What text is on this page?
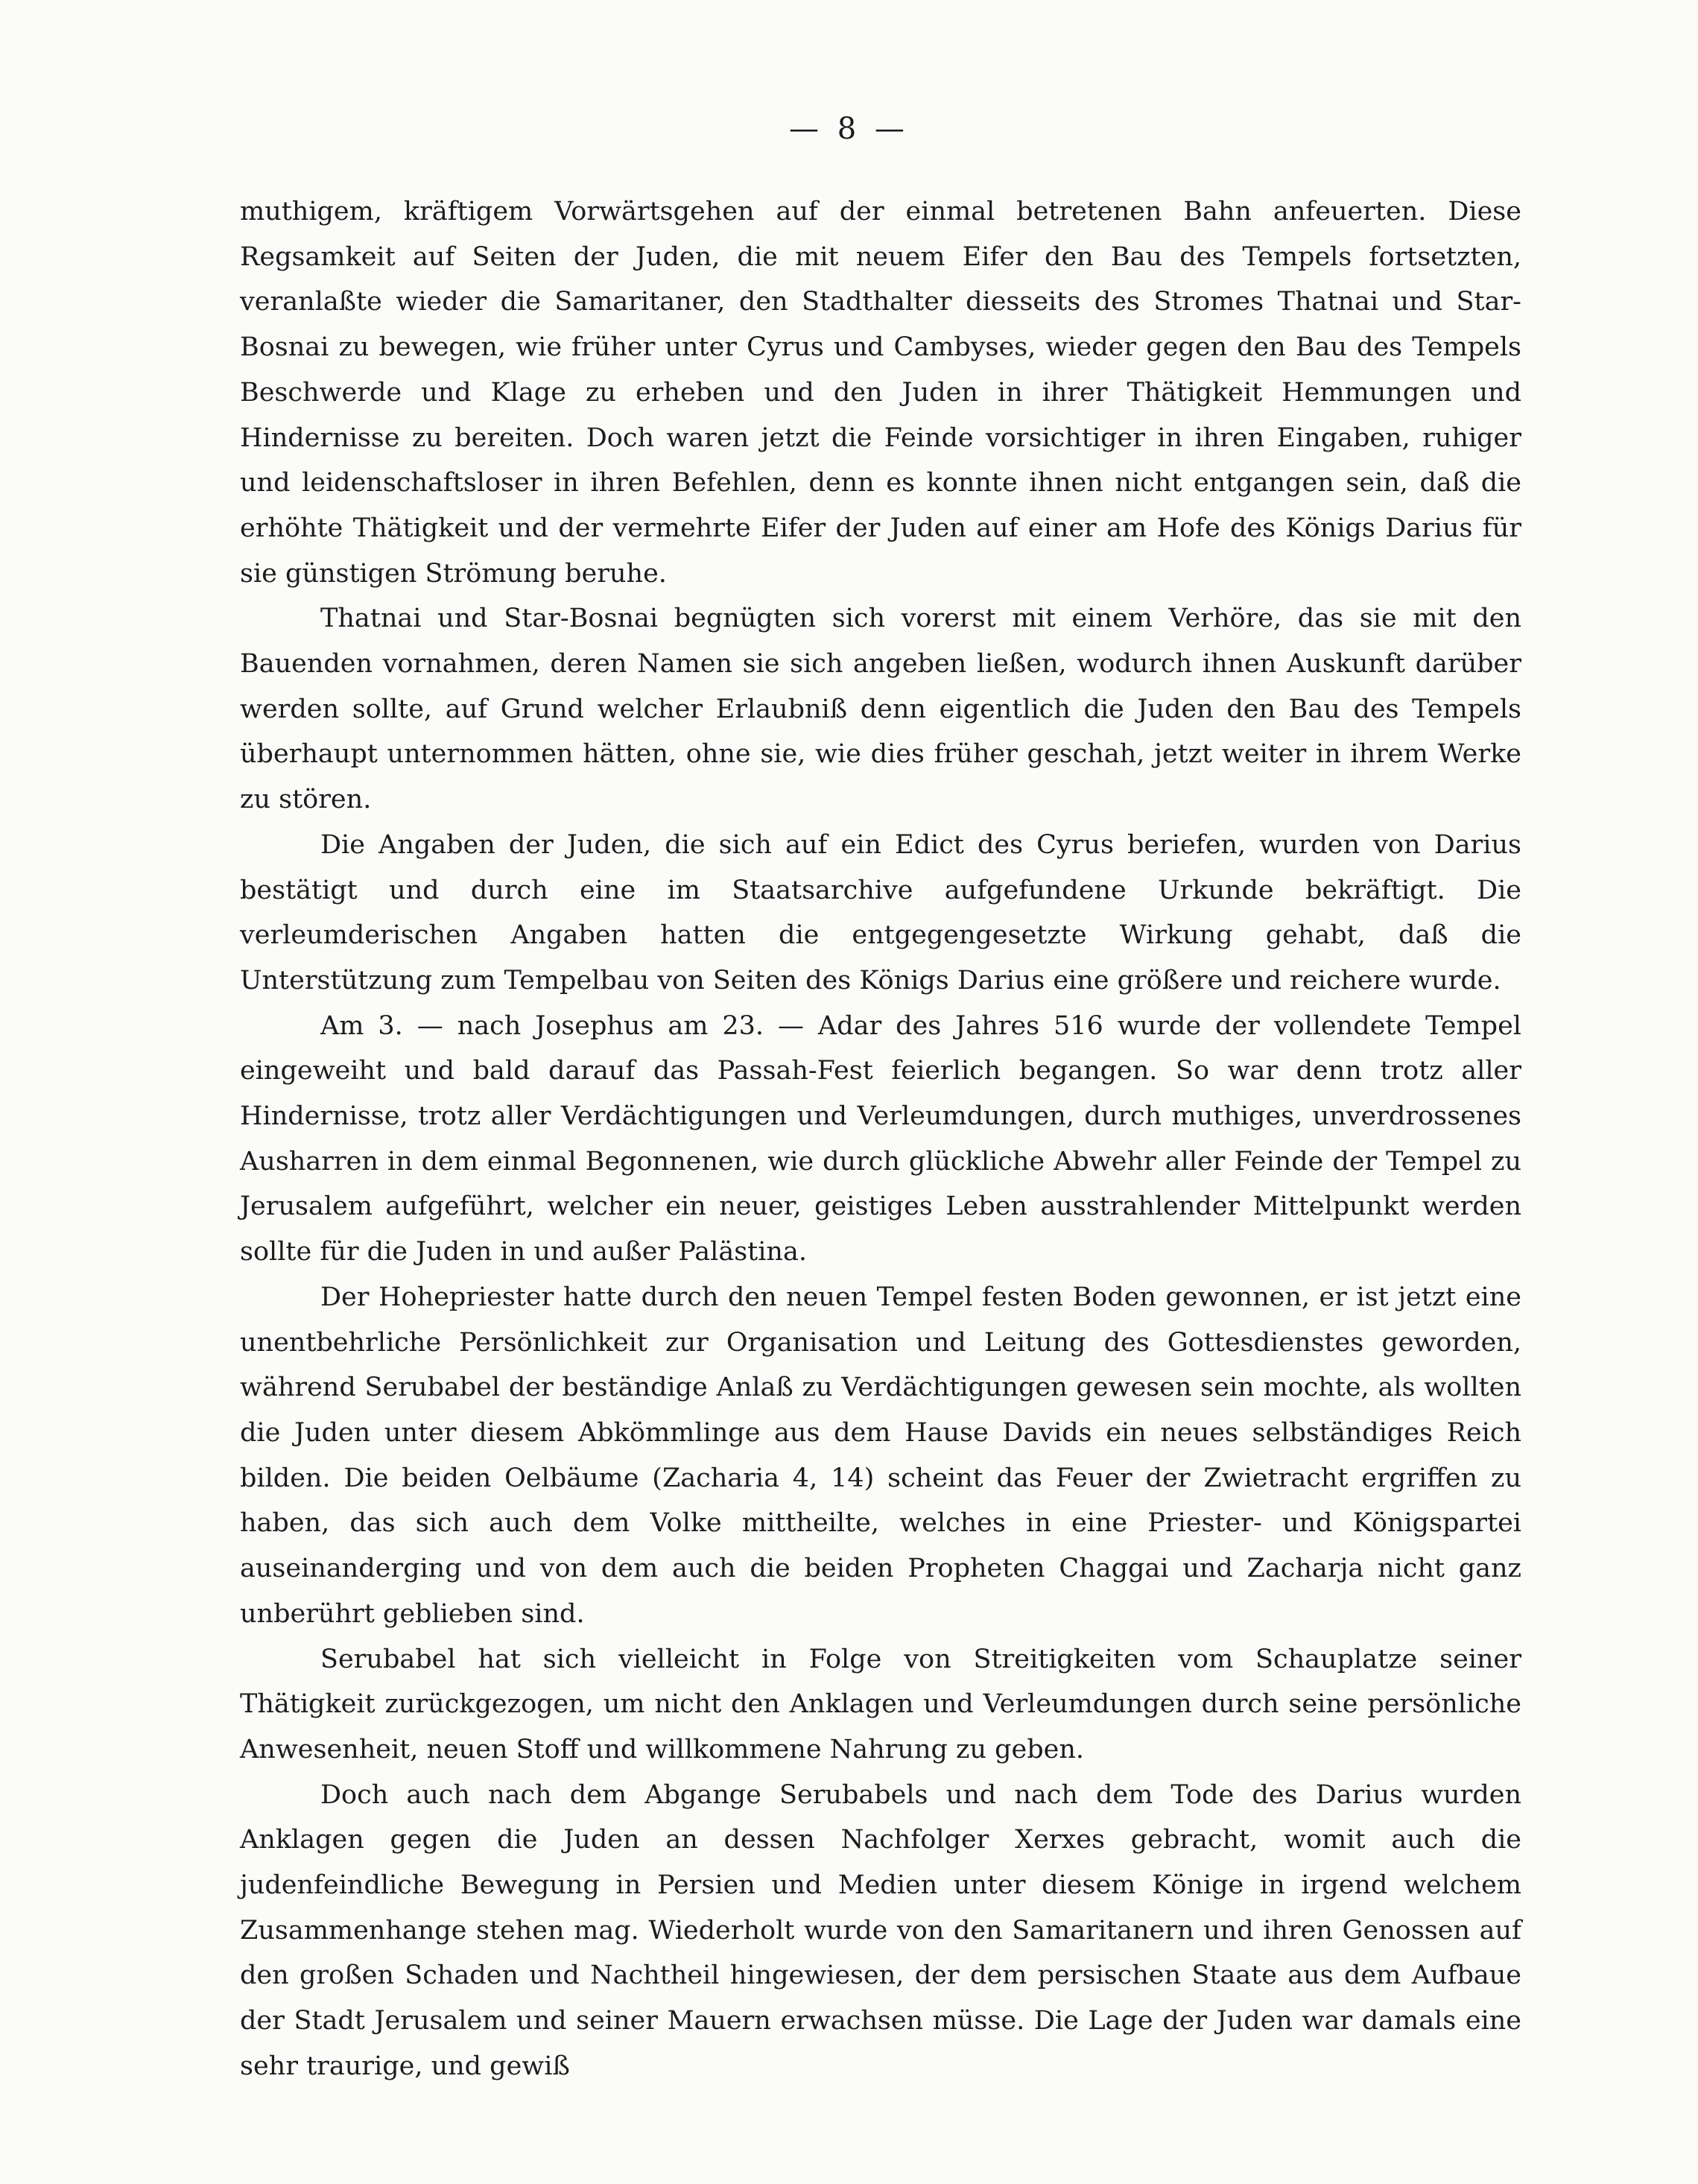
— 8 —

muthigem, kräftigem Vorwärtsgehen auf der einmal betretenen Bahn anfeuerten. Diese Regsamkeit auf Seiten der Juden, die mit neuem Eifer den Bau des Tempels fortsetzten, veranlaßte wieder die Samaritaner, den Stadthalter diesseits des Stromes Thatnai und Star-Bosnai zu bewegen, wie früher unter Cyrus und Cambyses, wieder gegen den Bau des Tempels Beschwerde und Klage zu erheben und den Juden in ihrer Thätigkeit Hemmungen und Hindernisse zu bereiten. Doch waren jetzt die Feinde vorsichtiger in ihren Eingaben, ruhiger und leidenschaftsloser in ihren Befehlen, denn es konnte ihnen nicht entgangen sein, daß die erhöhte Thätigkeit und der vermehrte Eifer der Juden auf einer am Hofe des Königs Darius für sie günstigen Strömung beruhe.

Thatnai und Star-Bosnai begnügten sich vorerst mit einem Verhöre, das sie mit den Bauenden vornahmen, deren Namen sie sich angeben ließen, wodurch ihnen Auskunft darüber werden sollte, auf Grund welcher Erlaubniß denn eigentlich die Juden den Bau des Tempels überhaupt unternommen hätten, ohne sie, wie dies früher geschah, jetzt weiter in ihrem Werke zu stören.

Die Angaben der Juden, die sich auf ein Edict des Cyrus beriefen, wurden von Darius bestätigt und durch eine im Staatsarchive aufgefundene Urkunde bekräftigt. Die verleumderischen Angaben hatten die entgegengesetzte Wirkung gehabt, daß die Unterstützung zum Tempelbau von Seiten des Königs Darius eine größere und reichere wurde.

Am 3. — nach Josephus am 23. — Adar des Jahres 516 wurde der vollendete Tempel eingeweiht und bald darauf das Passah-Fest feierlich begangen. So war denn trotz aller Hindernisse, trotz aller Verdächtigungen und Verleumdungen, durch muthiges, unverdrossenes Ausharren in dem einmal Begonnenen, wie durch glückliche Abwehr aller Feinde der Tempel zu Jerusalem aufgeführt, welcher ein neuer, geistiges Leben ausstrahlender Mittelpunkt werden sollte für die Juden in und außer Palästina.

Der Hohepriester hatte durch den neuen Tempel festen Boden gewonnen, er ist jetzt eine unentbehrliche Persönlichkeit zur Organisation und Leitung des Gottesdienstes geworden, während Serubabel der beständige Anlaß zu Verdächtigungen gewesen sein mochte, als wollten die Juden unter diesem Abkömmlinge aus dem Hause Davids ein neues selbständiges Reich bilden. Die beiden Oelbäume (Zacharia 4, 14) scheint das Feuer der Zwietracht ergriffen zu haben, das sich auch dem Volke mittheilte, welches in eine Priester- und Königspartei auseinanderging und von dem auch die beiden Propheten Chaggai und Zacharja nicht ganz unberührt geblieben sind.

Serubabel hat sich vielleicht in Folge von Streitigkeiten vom Schauplatze seiner Thätigkeit zurückgezogen, um nicht den Anklagen und Verleumdungen durch seine persönliche Anwesenheit, neuen Stoff und willkommene Nahrung zu geben.

Doch auch nach dem Abgange Serubabels und nach dem Tode des Darius wurden Anklagen gegen die Juden an dessen Nachfolger Xerxes gebracht, womit auch die judenfeindliche Bewegung in Persien und Medien unter diesem Könige in irgend welchem Zusammenhange stehen mag. Wiederholt wurde von den Samaritanern und ihren Genossen auf den großen Schaden und Nachtheil hingewiesen, der dem persischen Staate aus dem Aufbaue der Stadt Jerusalem und seiner Mauern erwachsen müsse. Die Lage der Juden war damals eine sehr traurige, und gewiß
